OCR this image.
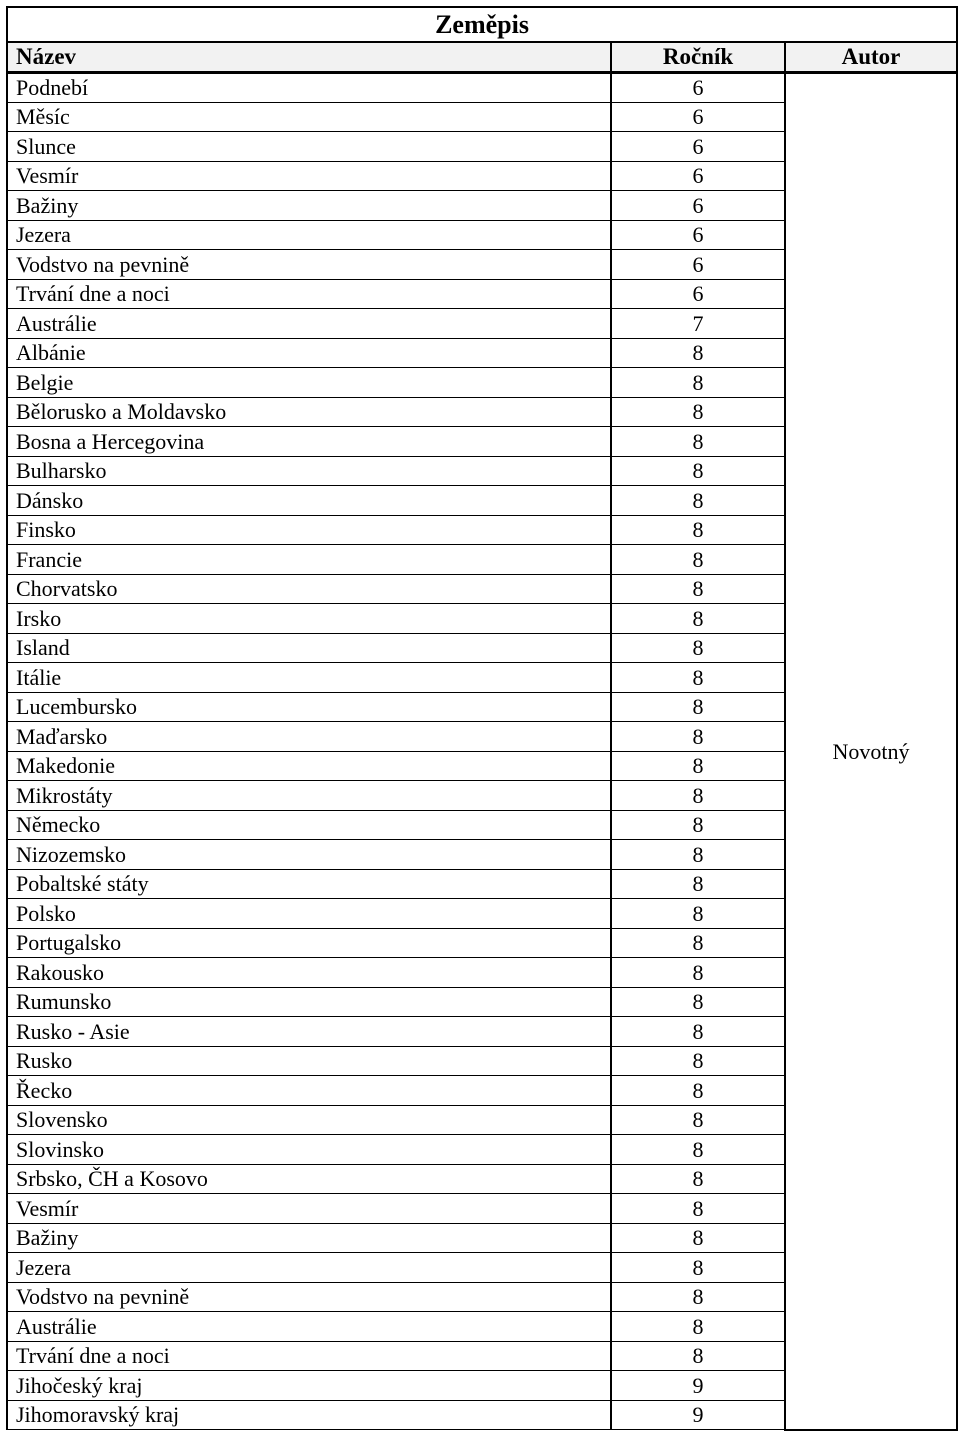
Zeměpis		
Název	Ročník	Autor
Podnebí	6	Novotný
Měsíc	6	
Slunce	6	
Vesmír	6	
Bažiny	6	
Jezera	6	
Vodstvo na pevnině	6	
Trvání dne a noci	6	
Austrálie	7	
Albánie	8	
Belgie	8	
Bělorusko a Moldavsko	8	
Bosna a Hercegovina	8	
Bulharsko	8	
Dánsko	8	
Finsko	8	
Francie	8	
Chorvatsko	8	
Irsko	8	
Island	8	
Itálie	8	
Lucembursko	8	
Maďarsko	8	
Makedonie	8	
Mikrostáty	8	
Německo	8	
Nizozemsko	8	
Pobaltské státy	8	
Polsko	8	
Portugalsko	8	
Rakousko	8	
Rumunsko	8	
Rusko - Asie	8	
Rusko	8	
Řecko	8	
Slovensko	8	
Slovinsko	8	
Srbsko, ČH a Kosovo	8	
Vesmír	8	
Bažiny	8	
Jezera	8	
Vodstvo na pevnině	8	
Austrálie	8	
Trvání dne a noci	8	
Jihočeský kraj	9	
Jihomoravský kraj	9	
